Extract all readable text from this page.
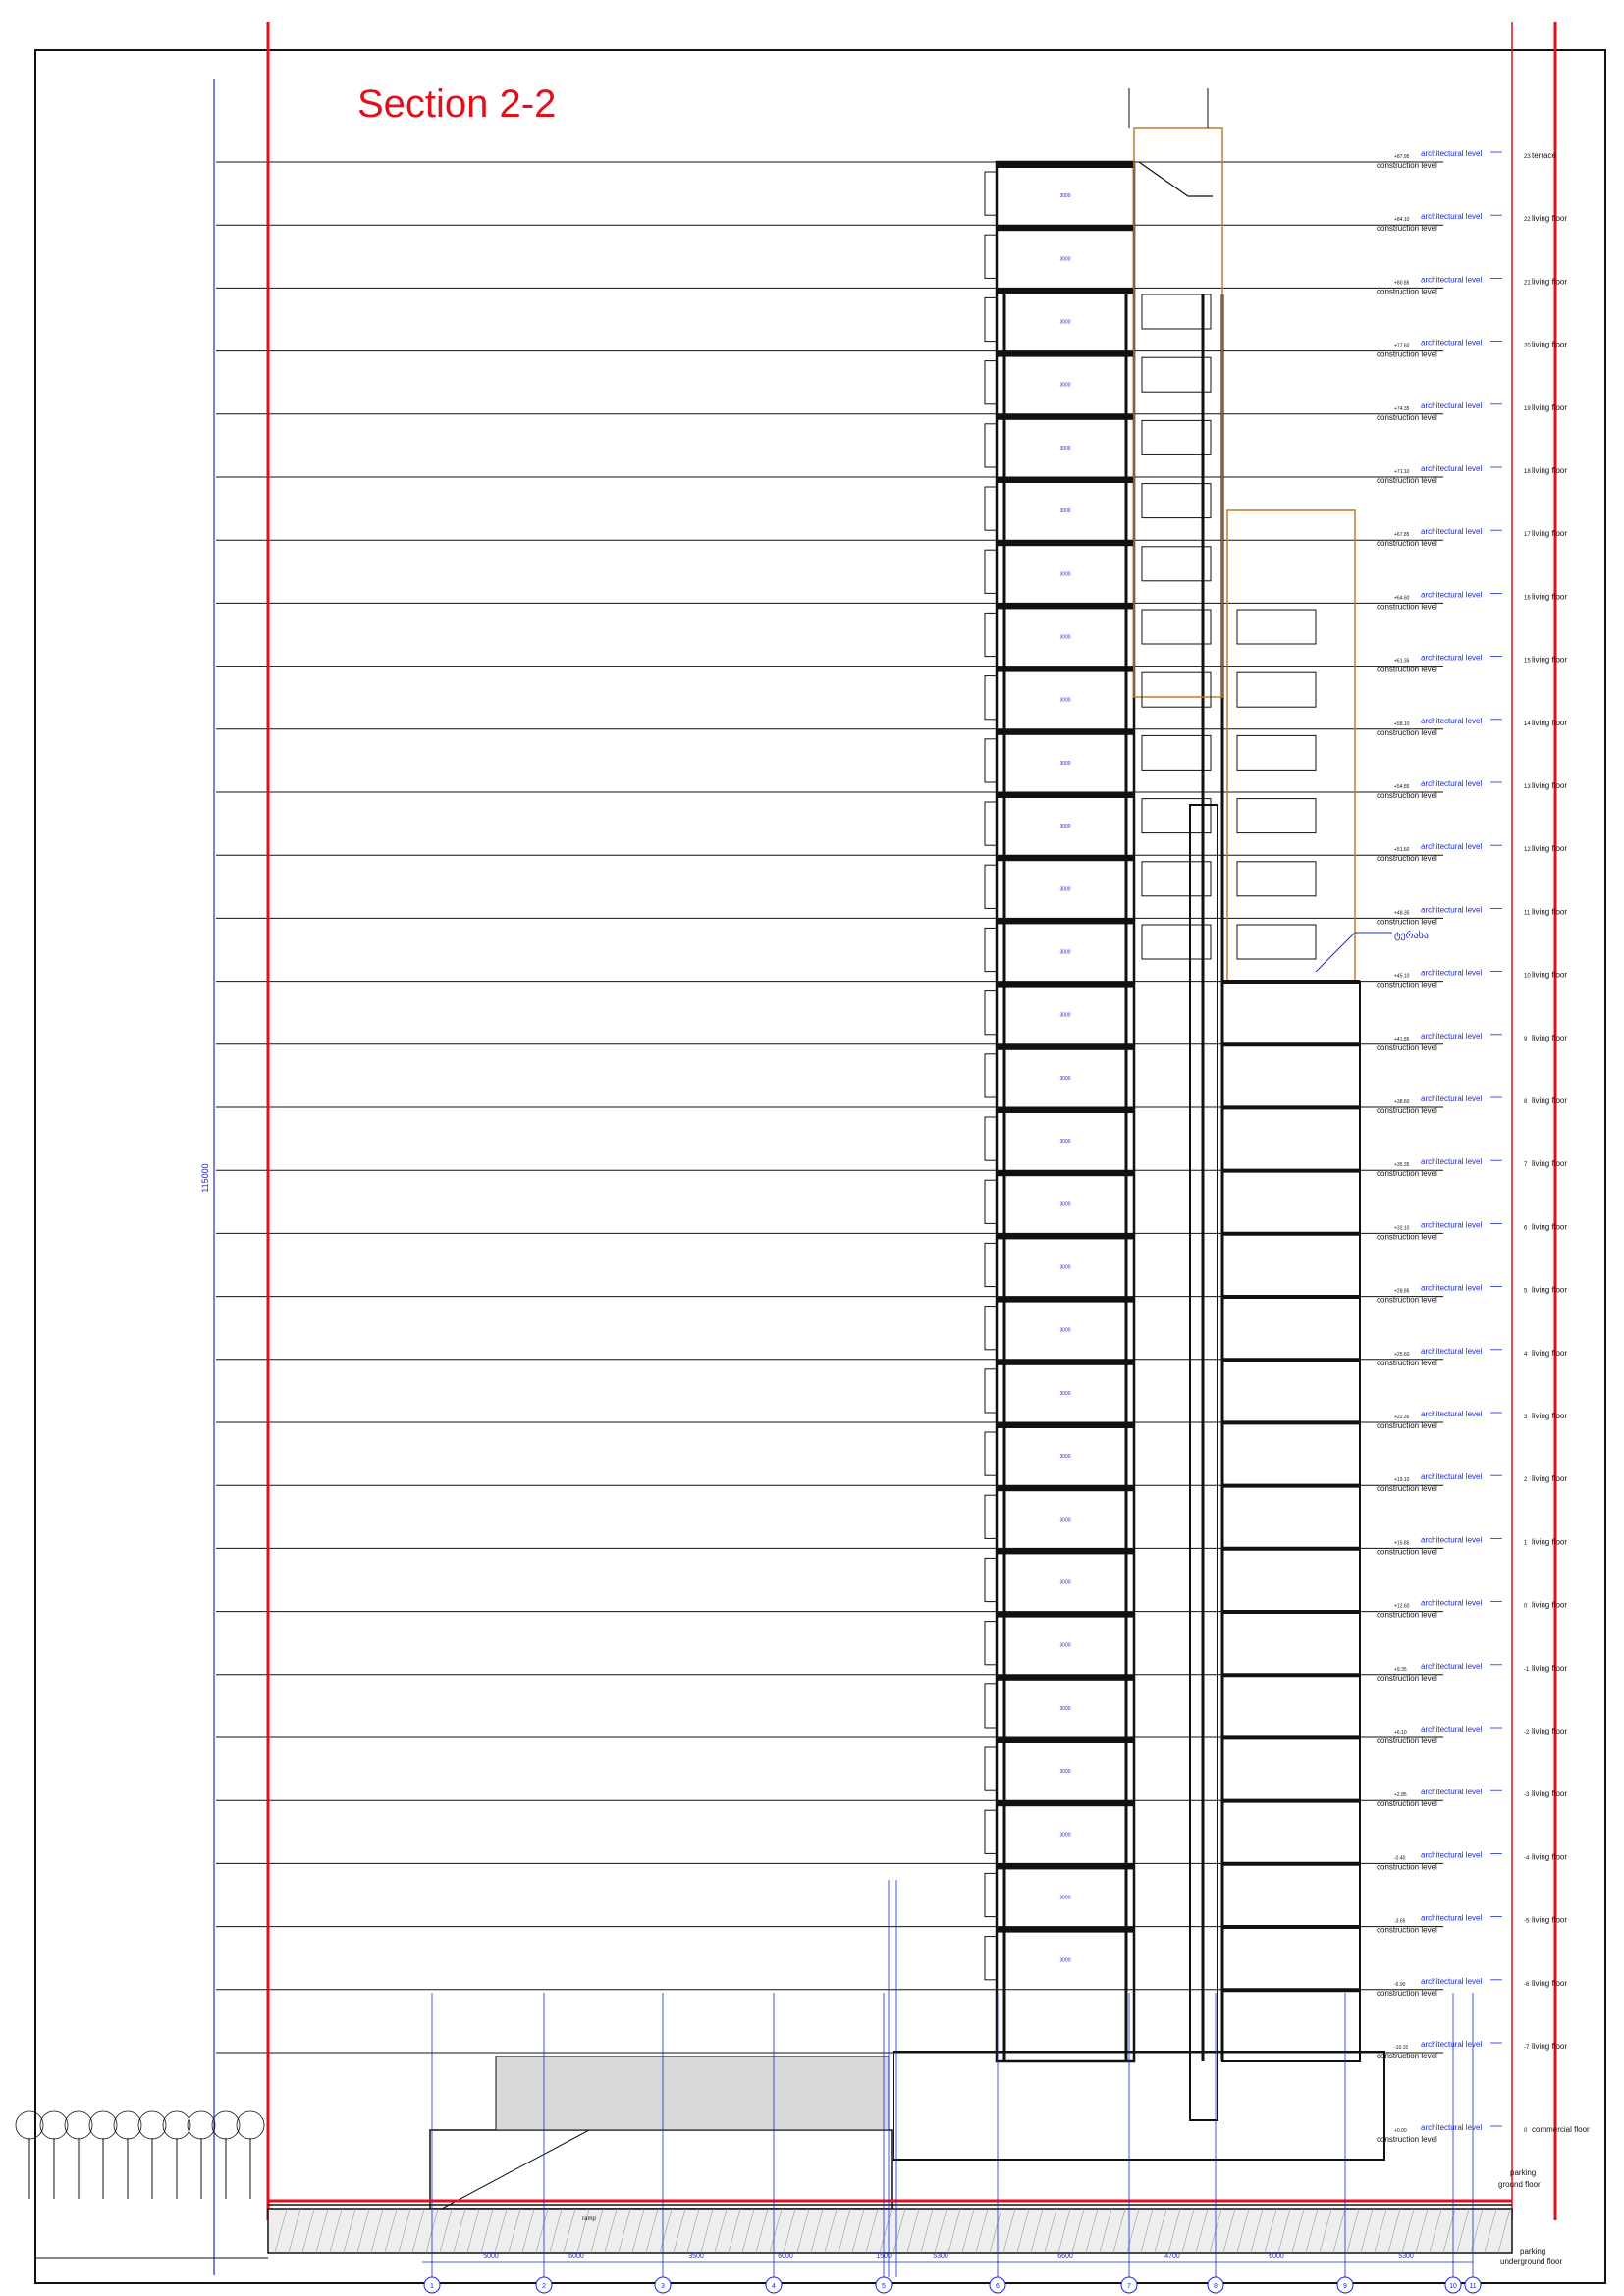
115000
3000
3000
3000
3000
3000
3000
3000
3000
3000
3000
3000
3000
3000
3000
3000
3000
3000
3000
3000
3000
3000
3000
3000
3000
3000
3000
3000
3000
3000
architectural level
construction level
+87.95	23 terrace
architectural level
construction level
+84.10	22 living floor
architectural level
construction level
+80.85	21 living floor
architectural level
construction level
+77.60	20 living floor
architectural level
construction level
+74.35	19 living floor
architectural level
construction level
+71.10	18 living floor
architectural level
construction level
+67.85	17 living floor
architectural level
construction level
+64.60	16 living floor
architectural level
construction level
+61.35	15 living floor
architectural level
construction level
+58.10	14 living floor
architectural level
construction level
+54.85	13 living floor
architectural level
construction level
+51.60	12 living floor
architectural level
construction level
+48.35	11 living floor
architectural level
construction level
+45.10	10 living floor
architectural level
construction level
+41.85	9 living floor
architectural level
construction level
+38.60	8 living floor
architectural level
construction level
+35.35	7 living floor
architectural level
construction level
+32.10	6 living floor
architectural level
construction level
+28.85	5 living floor
architectural level
construction level
+25.60	4 living floor
architectural level
construction level
+22.35	3 living floor
architectural level
construction level
+19.10	2 living floor
architectural level
construction level
+15.85	1 living floor
architectural level
construction level
+12.60	0 living floor
architectural level
construction level
+9.35	-1 living floor
architectural level
construction level
+6.10	-2 living floor
architectural level
construction level
+2.85	-3 living floor
architectural level
construction level
-0.40	-4 living floor
architectural level
construction level
-3.65	-5 living floor
architectural level
construction level
-6.90	-6 living floor
architectural level
construction level
-10.15	-7 living floor
architectural level
construction level
+0.00	0 commercial floor
ტერასა
parking
ground floor
parking
underground floor
ramp
5000	6000	3500	6000	1500	5300	6600	4700	6000	5300
1	2	3	4	5	6	7	8	9	10 11
Section 2-2
